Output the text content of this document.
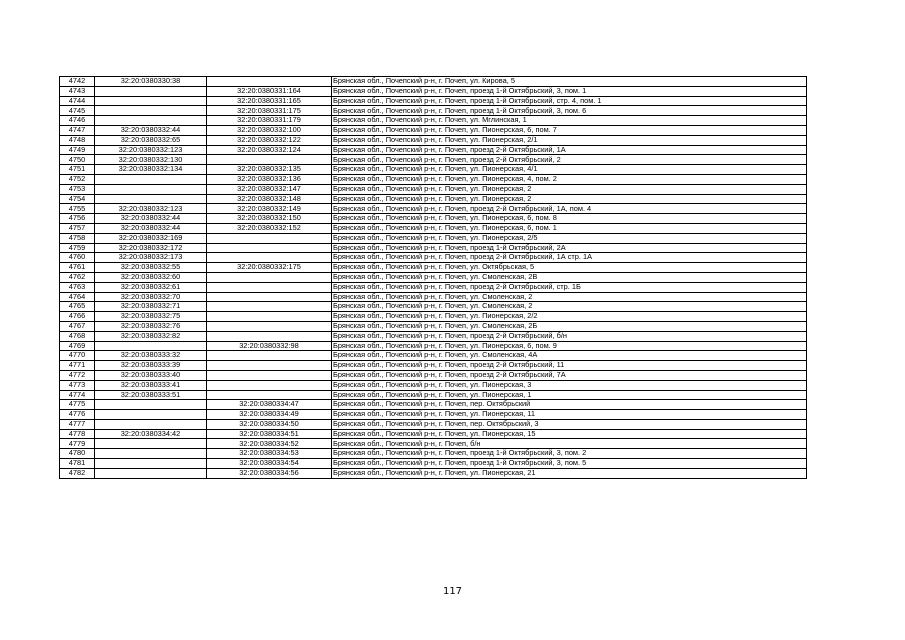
4742	32:20:0380330:38		Брянская обл., Почепский р-н, г. Почеп, ул. Кирова, 5
4743		32:20:0380331:164	Брянская обл., Почепский р-н, г. Почеп, проезд 1-й Октябрьский, 3, пом. 1
4744		32:20:0380331:165	Брянская обл., Почепский р-н, г. Почеп, проезд 1-й Октябрьский, стр. 4, пом. 1
4745		32:20:0380331:175	Брянская обл., Почепский р-н, г. Почеп, проезд 1-й Октябрьский, 3, пом. 6
4746		32:20:0380331:179	Брянская обл., Почепский р-н, г. Почеп, ул. Мглинская, 1
4747	32:20:0380332:44	32:20:0380332:100	Брянская обл., Почепский р-н, г. Почеп, ул. Пионерская, 6, пом. 7
4748	32:20:0380332:65	32:20:0380332:122	Брянская обл., Почепский р-н, г. Почеп, ул. Пионерская, 2/1
4749	32:20:0380332:123	32:20:0380332:124	Брянская обл., Почепский р-н, г. Почеп, проезд 2-й Октябрьский, 1А
4750	32:20:0380332:130		Брянская обл., Почепский р-н, г. Почеп, проезд 2-й Октябрьский, 2
4751	32:20:0380332:134	32:20:0380332:135	Брянская обл., Почепский р-н, г. Почеп, ул. Пионерская, 4/1
4752		32:20:0380332:136	Брянская обл., Почепский р-н, г. Почеп, ул. Пионерская, 4, пом. 2
4753		32:20:0380332:147	Брянская обл., Почепский р-н, г. Почеп, ул. Пионерская, 2
4754		32:20:0380332:148	Брянская обл., Почепский р-н, г. Почеп, ул. Пионерская, 2
4755	32:20:0380332:123	32:20:0380332:149	Брянская обл., Почепский р-н, г. Почеп, проезд 2-й Октябрьский, 1А, пом. 4
4756	32:20:0380332:44	32:20:0380332:150	Брянская обл., Почепский р-н, г. Почеп, ул. Пионерская, 6, пом. 8
4757	32:20:0380332:44	32:20:0380332:152	Брянская обл., Почепский р-н, г. Почеп, ул. Пионерская, 6, пом. 1
4758	32:20:0380332:169		Брянская обл., Почепский р-н, г. Почеп, ул. Пионерская, 2/5
4759	32:20:0380332:172		Брянская обл., Почепский р-н, г. Почеп, проезд 1-й Октябрьский, 2А
4760	32:20:0380332:173		Брянская обл., Почепский р-н, г. Почеп, проезд 2-й Октябрьский, 1А стр. 1А
4761	32:20:0380332:55	32:20:0380332:175	Брянская обл., Почепский р-н, г. Почеп, ул. Октябрьская, 5
4762	32:20:0380332:60		Брянская обл., Почепский р-н, г. Почеп, ул. Смоленская, 2В
4763	32:20:0380332:61		Брянская обл., Почепский р-н, г. Почеп, проезд 2-й Октябрьский, стр. 1Б
4764	32:20:0380332:70		Брянская обл., Почепский р-н, г. Почеп, ул. Смоленская, 2
4765	32:20:0380332:71		Брянская обл., Почепский р-н, г. Почеп, ул. Смоленская, 2
4766	32:20:0380332:75		Брянская обл., Почепский р-н, г. Почеп, ул. Пионерская, 2/2
4767	32:20:0380332:76		Брянская обл., Почепский р-н, г. Почеп, ул. Смоленская, 2Б
4768	32:20:0380332:82		Брянская обл., Почепский р-н, г. Почеп, проезд 2-й Октябрьский, б/н
4769		32:20:0380332:98	Брянская обл., Почепский р-н, г. Почеп, ул. Пионерская, 6, пом. 9
4770	32:20:0380333:32		Брянская обл., Почепский р-н, г. Почеп, ул. Смоленская, 4А
4771	32:20:0380333:39		Брянская обл., Почепский р-н, г. Почеп, проезд 2-й Октябрьский, 11
4772	32:20:0380333:40		Брянская обл., Почепский р-н, г. Почеп, проезд 2-й Октябрьский, 7А
4773	32:20:0380333:41		Брянская обл., Почепский р-н, г. Почеп, ул. Пионерская, 3
4774	32:20:0380333:51		Брянская обл., Почепский р-н, г. Почеп, ул. Пионерская, 1
4775		32:20:0380334:47	Брянская обл., Почепский р-н, г. Почеп, пер. Октябрьский
4776		32:20:0380334:49	Брянская обл., Почепский р-н, г. Почеп, ул. Пионерская, 11
4777		32:20:0380334:50	Брянская обл., Почепский р-н, г. Почеп, пер. Октябрьский, 3
4778	32:20:0380334:42	32:20:0380334:51	Брянская обл., Почепский р-н, г. Почеп, ул. Пионерская, 15
4779		32:20:0380334:52	Брянская обл., Почепский р-н, г. Почеп, б/н
4780		32:20:0380334:53	Брянская обл., Почепский р-н, г. Почеп, проезд 1-й Октябрьский, 3, пом. 2
4781		32:20:0380334:54	Брянская обл., Почепский р-н, г. Почеп, проезд 1-й Октябрьский, 3, пом. 5
4782		32:20:0380334:56	Брянская обл., Почепский р-н, г. Почеп, ул. Пионерская, 21
117
